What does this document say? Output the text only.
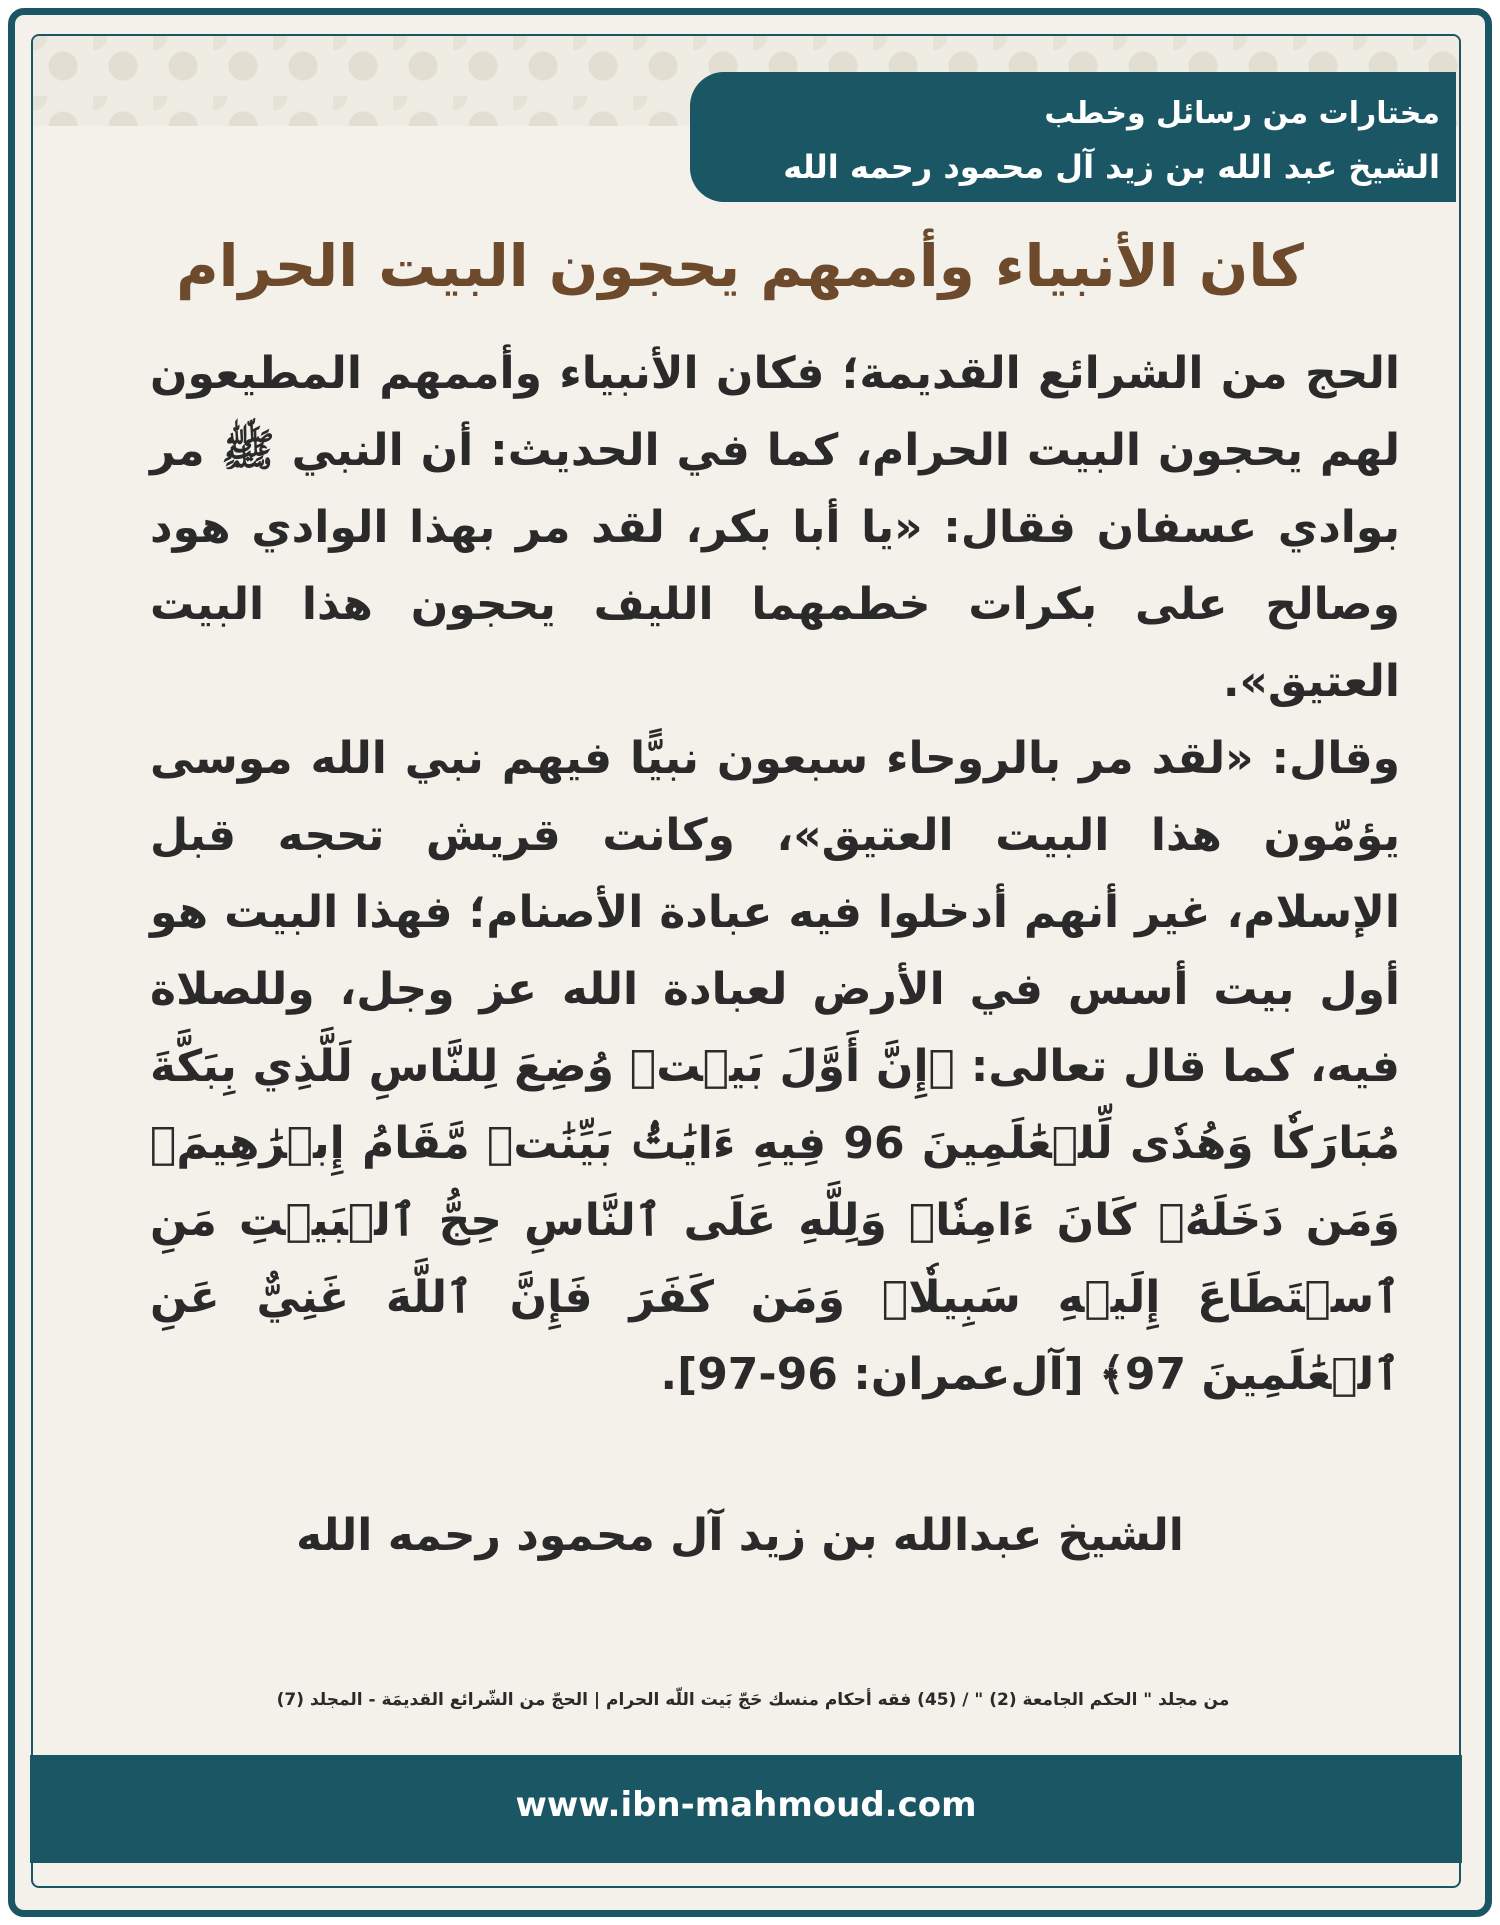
مختارات من رسائل وخطب
الشيخ عبد الله بن زيد آل محمود رحمه الله
كان الأنبياء وأممهم يحجون البيت الحرام

الحج من الشرائع القديمة؛ فكان الأنبياء وأممهم المطيعون لهم يحجون البيت الحرام، كما في الحديث: أن النبي ﷺ مر بوادي عسفان فقال: «يا أبا بكر، لقد مر بهذا الوادي هود وصالح على بكرات خطمهما الليف يحجون هذا البيت العتيق».

وقال: «لقد مر بالروحاء سبعون نبيًّا فيهم نبي الله موسى يؤمّون هذا البيت العتيق»، وكانت قريش تحجه قبل الإسلام، غير أنهم أدخلوا فيه عبادة الأصنام؛ فهذا البيت هو أول بيت أسس في الأرض لعبادة الله عز وجل، وللصلاة فيه، كما قال تعالى: ﴿إِنَّ أَوَّلَ بَيۡتٖ وُضِعَ لِلنَّاسِ لَلَّذِي بِبَكَّةَ مُبَارَكٗا وَهُدٗى لِّلۡعَٰلَمِينَ 96 فِيهِ ءَايَٰتُۢ بَيِّنَٰتٞ مَّقَامُ إِبۡرَٰهِيمَۖ وَمَن دَخَلَهُۥ كَانَ ءَامِنٗاۗ وَلِلَّهِ عَلَى ٱلنَّاسِ حِجُّ ٱلۡبَيۡتِ مَنِ ٱسۡتَطَاعَ إِلَيۡهِ سَبِيلٗاۚ وَمَن كَفَرَ فَإِنَّ ٱللَّهَ غَنِيٌّ عَنِ ٱلۡعَٰلَمِينَ 97﴾ [آل‌عمران: 96-97].

الشيخ عبدالله بن زيد آل محمود رحمه الله
من مجلد " الحكم الجامعة (2) " / (45) فقه أحكام منسك حَجّ بَيت اللّه الحرام | الحجّ من الشّرائع القديمَة - المجلد (7)
www.ibn-mahmoud.com
